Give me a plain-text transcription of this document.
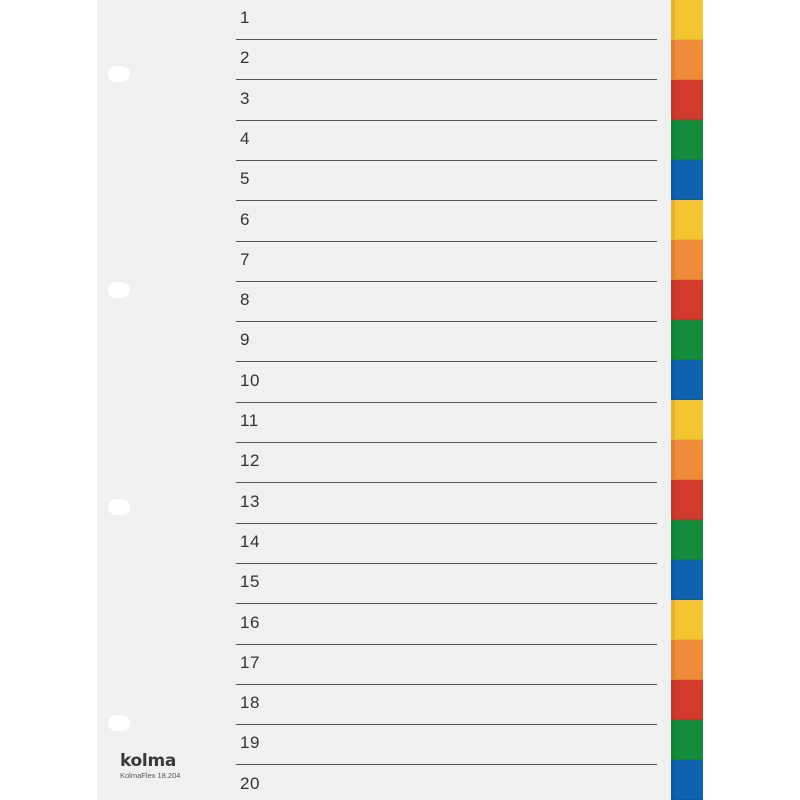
1
2
3
4
5
6
7
8
9
10
11
12
13
14
15
16
17
18
19
20
kolma
KolmaFlex 18.204
